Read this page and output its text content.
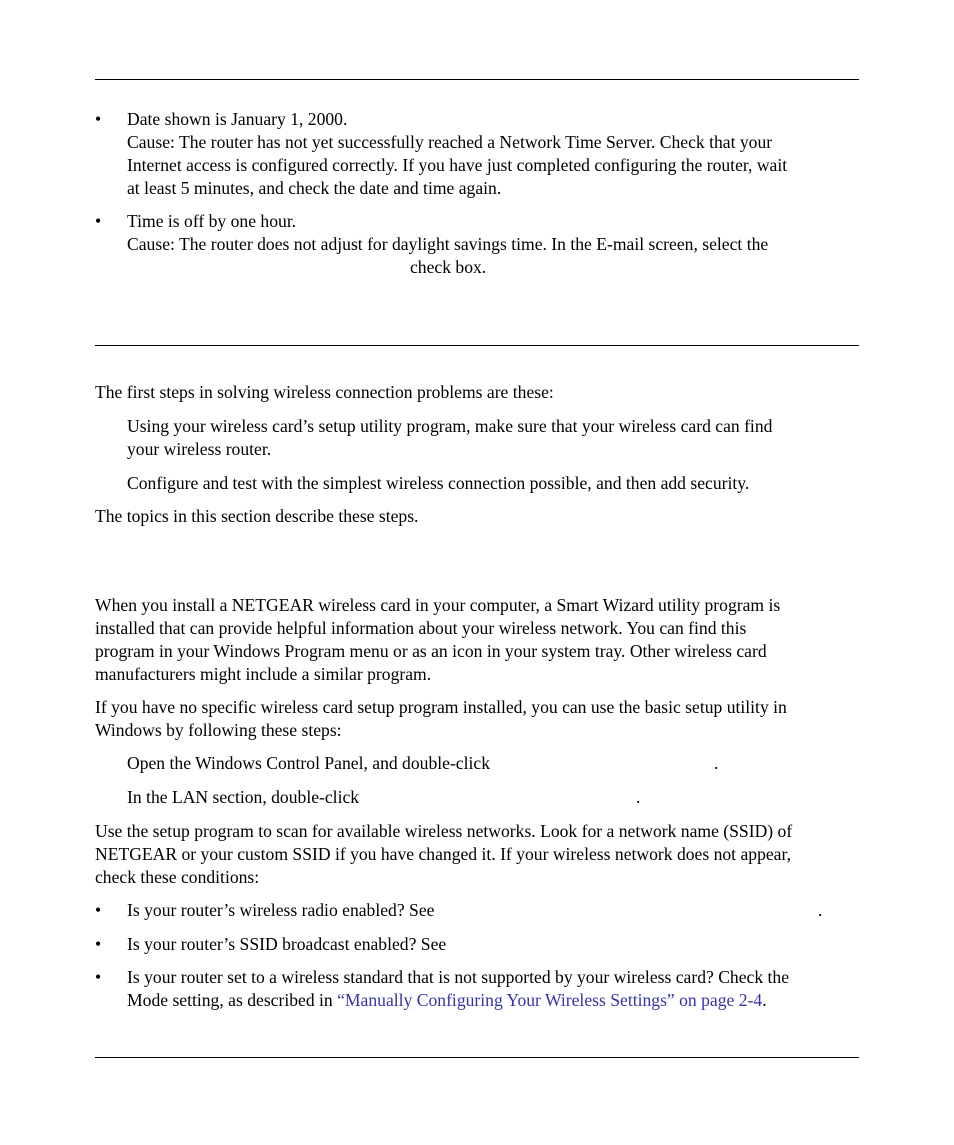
• Date shown is January 1, 2000.
Cause: The router has not yet successfully reached a Network Time Server. Check that your
Internet access is configured correctly. If you have just completed configuring the router, wait
at least 5 minutes, and check the date and time again.
• Time is off by one hour.
Cause: The router does not adjust for daylight savings time. In the E-mail screen, select the
check box.
The first steps in solving wireless connection problems are these:
Using your wireless card’s setup utility program, make sure that your wireless card can find
your wireless router.
Configure and test with the simplest wireless connection possible, and then add security.
The topics in this section describe these steps.
When you install a NETGEAR wireless card in your computer, a Smart Wizard utility program is
installed that can provide helpful information about your wireless network. You can find this
program in your Windows Program menu or as an icon in your system tray. Other wireless card
manufacturers might include a similar program.
If you have no specific wireless card setup program installed, you can use the basic setup utility in
Windows by following these steps:
Open the Windows Control Panel, and double-click	.
In the LAN section, double-click	.
Use the setup program to scan for available wireless networks. Look for a network name (SSID) of
NETGEAR or your custom SSID if you have changed it. If your wireless network does not appear,
check these conditions:
• Is your router’s wireless radio enabled? See	.
• Is your router’s SSID broadcast enabled? See
• Is your router set to a wireless standard that is not supported by your wireless card? Check the
Mode setting, as described in “Manually Configuring Your Wireless Settings” on page 2-4.
